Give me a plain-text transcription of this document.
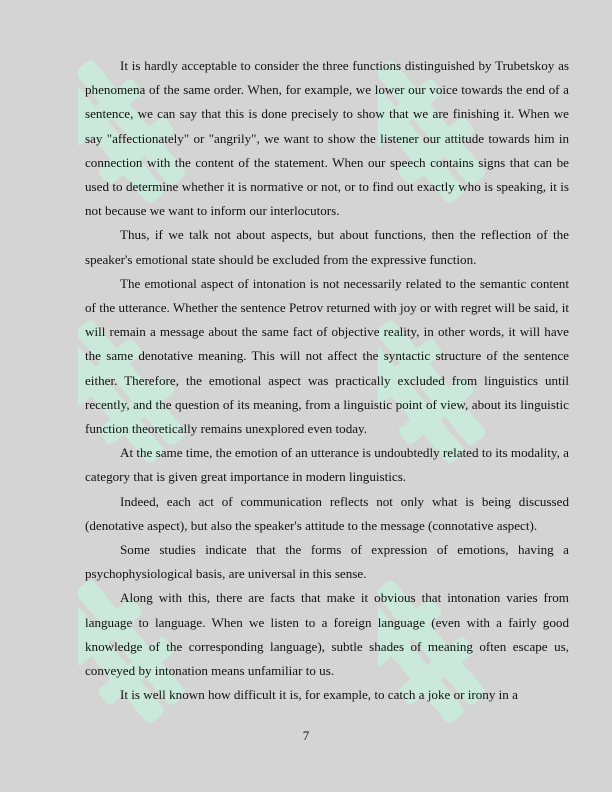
It is hardly acceptable to consider the three functions distinguished by Trubetskoy as phenomena of the same order. When, for example, we lower our voice towards the end of a sentence, we can say that this is done precisely to show that we are finishing it. When we say "affectionately" or "angrily", we want to show the listener our attitude towards him in connection with the content of the statement. When our speech contains signs that can be used to determine whether it is normative or not, or to find out exactly who is speaking, it is not because we want to inform our interlocutors.

Thus, if we talk not about aspects, but about functions, then the reflection of the speaker's emotional state should be excluded from the expressive function.

The emotional aspect of intonation is not necessarily related to the semantic content of the utterance. Whether the sentence Petrov returned with joy or with regret will be said, it will remain a message about the same fact of objective reality, in other words, it will have the same denotative meaning. This will not affect the syntactic structure of the sentence either. Therefore, the emotional aspect was practically excluded from linguistics until recently, and the question of its meaning, from a linguistic point of view, about its linguistic function theoretically remains unexplored even today.

At the same time, the emotion of an utterance is undoubtedly related to its modality, a category that is given great importance in modern linguistics.

Indeed, each act of communication reflects not only what is being discussed (denotative aspect), but also the speaker's attitude to the message (connotative aspect).

Some studies indicate that the forms of expression of emotions, having a psychophysiological basis, are universal in this sense.

Along with this, there are facts that make it obvious that intonation varies from language to language. When we listen to a foreign language (even with a fairly good knowledge of the corresponding language), subtle shades of meaning often escape us, conveyed by intonation means unfamiliar to us.

It is well known how difficult it is, for example, to catch a joke or irony in a

7
